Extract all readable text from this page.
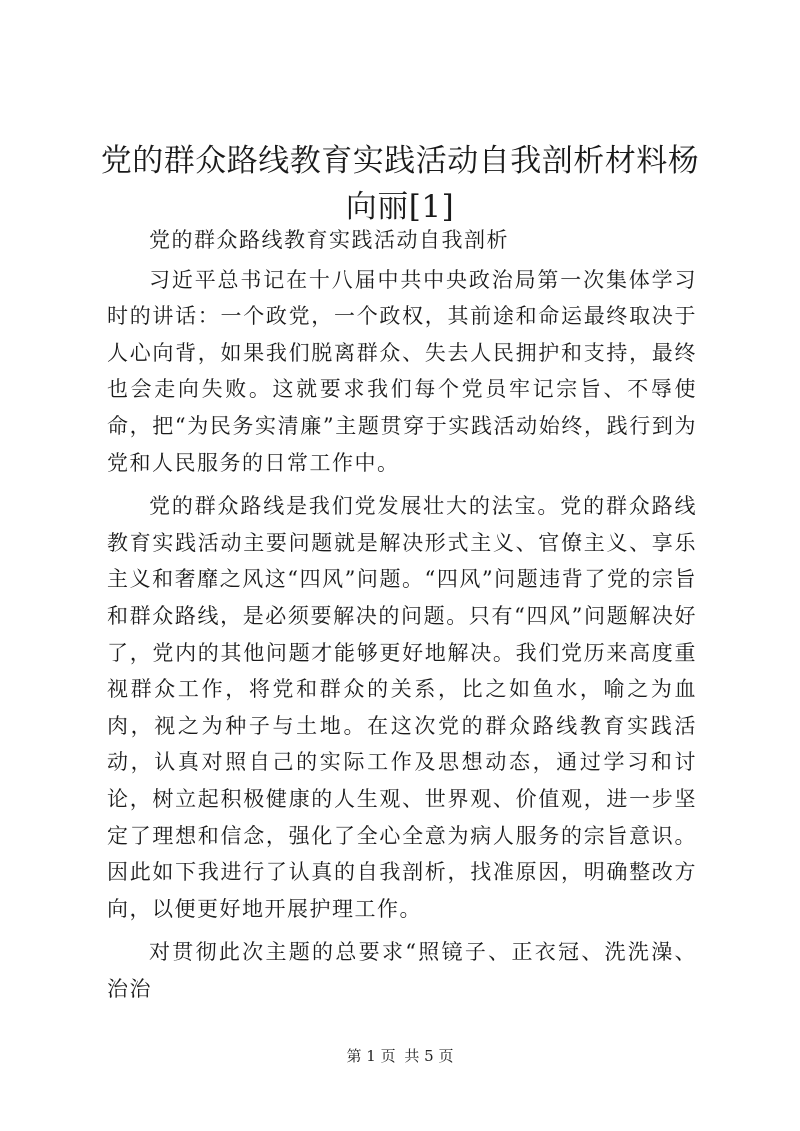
党的群众路线教育实践活动自我剖析材料杨向丽[1]

党的群众路线教育实践活动自我剖析

习近平总书记在十八届中共中央政治局第一次集体学习时的讲话：一个政党，一个政权，其前途和命运最终取决于人心向背，如果我们脱离群众、失去人民拥护和支持，最终也会走向失败。这就要求我们每个党员牢记宗旨、不辱使命，把“为民务实清廉”主题贯穿于实践活动始终，践行到为党和人民服务的日常工作中。

党的群众路线是我们党发展壮大的法宝。党的群众路线教育实践活动主要问题就是解决形式主义、官僚主义、享乐主义和奢靡之风这“四风”问题。“四风”问题违背了党的宗旨和群众路线，是必须要解决的问题。只有“四风”问题解决好了，党内的其他问题才能够更好地解决。我们党历来高度重视群众工作，将党和群众的关系，比之如鱼水，喻之为血肉，视之为种子与土地。在这次党的群众路线教育实践活动，认真对照自己的实际工作及思想动态，通过学习和讨论，树立起积极健康的人生观、世界观、价值观，进一步坚定了理想和信念，强化了全心全意为病人服务的宗旨意识。因此如下我进行了认真的自我剖析，找准原因，明确整改方向，以便更好地开展护理工作。

对贯彻此次主题的总要求“照镜子、正衣冠、洗洗澡、治治

第 1 页 共 5 页
